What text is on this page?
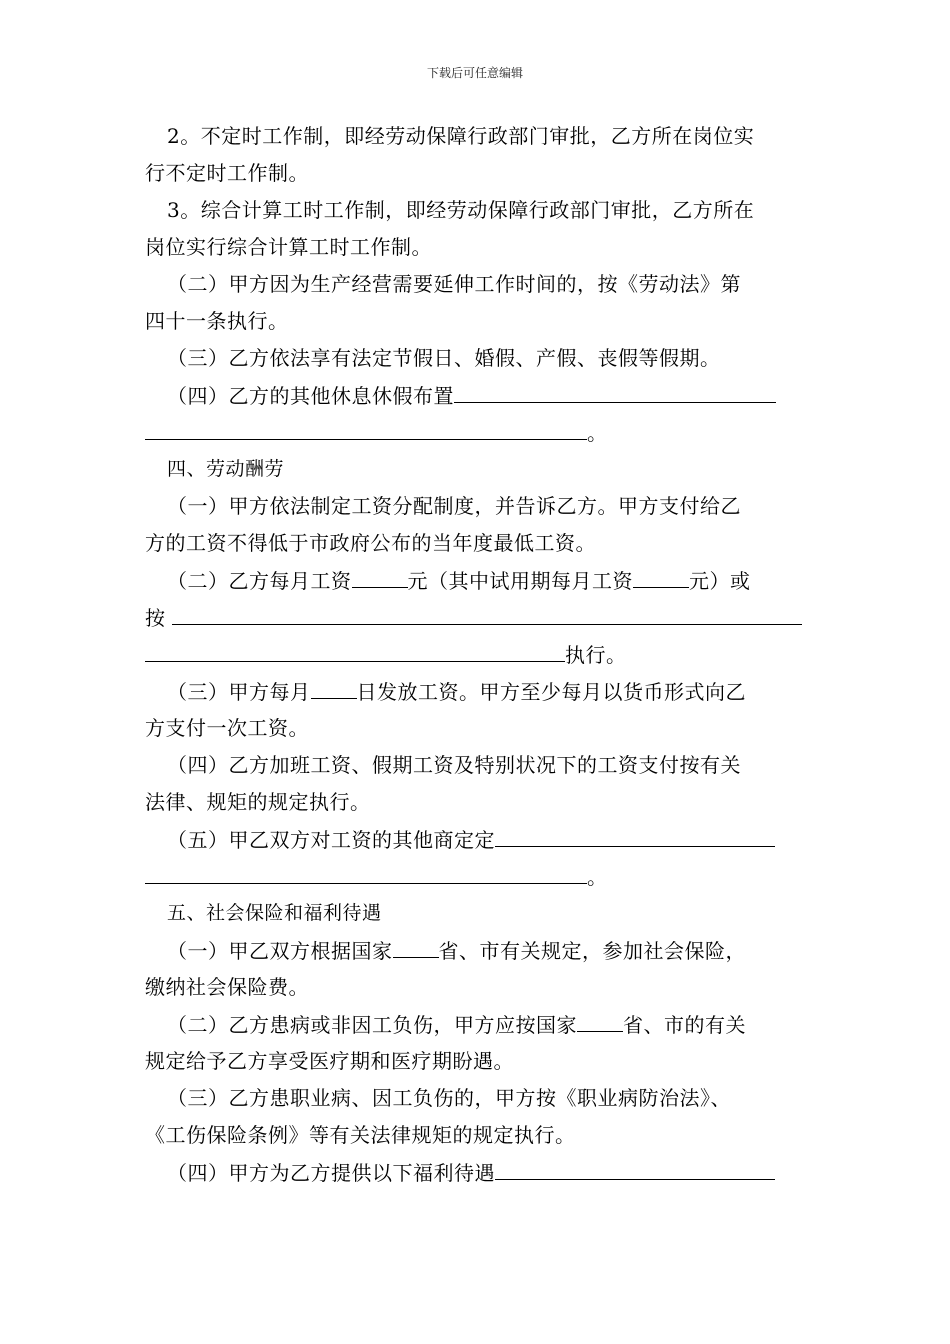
下载后可任意编辑
2。不定时工作制，即经劳动保障行政部门审批，乙方所在岗位实
行不定时工作制。
3。综合计算工时工作制，即经劳动保障行政部门审批，乙方所在
岗位实行综合计算工时工作制。
（二）甲方因为生产经营需要延伸工作时间的，按《劳动法》第
四十一条执行。
（三）乙方依法享有法定节假日、婚假、产假、丧假等假期。
（四）乙方的其他休息休假布置
。
四、劳动酬劳
（一）甲方依法制定工资分配制度，并告诉乙方。甲方支付给乙
方的工资不得低于市政府公布的当年度最低工资。
（二）乙方每月工资	元（其中试用期每月工资	元）或
按
执行。
（三）甲方每月 日发放工资。甲方至少每月以货币形式向乙
方支付一次工资。
（四）乙方加班工资、假期工资及特别状况下的工资支付按有关
法律、规矩的规定执行。
（五）甲乙双方对工资的其他商定定
。
五、社会保险和福利待遇
（一）甲乙双方根据国家 省、市有关规定，参加社会保险，
缴纳社会保险费。
（二）乙方患病或非因工负伤，甲方应按国家 省、市的有关
规定给予乙方享受医疗期和医疗期盼遇。
（三）乙方患职业病、因工负伤的，甲方按《职业病防治法》、
《工伤保险条例》等有关法律规矩的规定执行。
（四）甲方为乙方提供以下福利待遇
